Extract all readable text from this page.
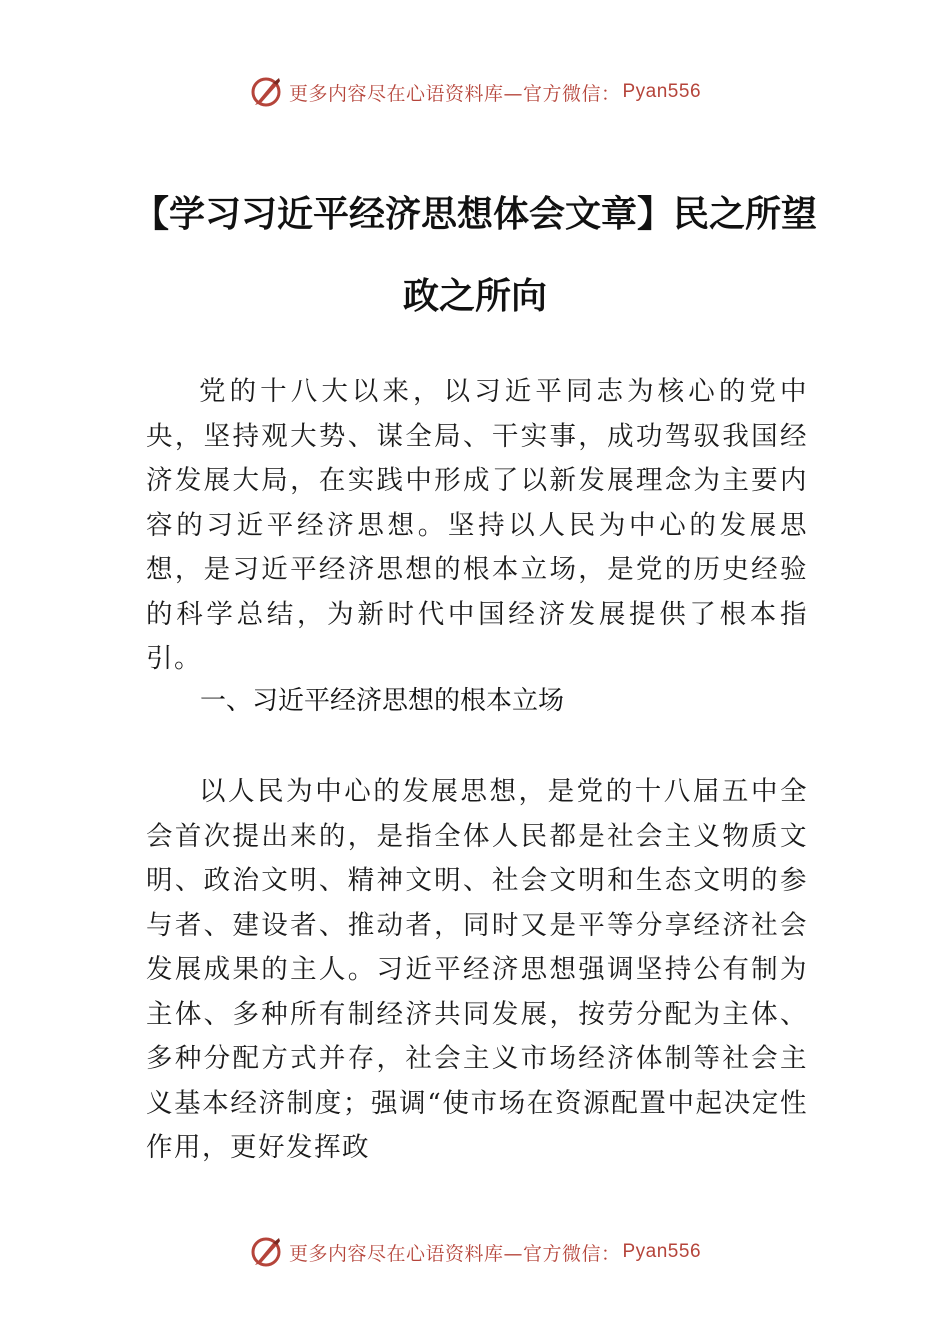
更多内容尽在心语资料库—官方微信： Pyan556
【学习习近平经济思想体会文章】民之所望政之所向

党的十八大以来，以习近平同志为核心的党中央，坚持观大势、谋全局、干实事，成功驾驭我国经济发展大局，在实践中形成了以新发展理念为主要内容的习近平经济思想。坚持以人民为中心的发展思想，是习近平经济思想的根本立场，是党的历史经验的科学总结，为新时代中国经济发展提供了根本指引。

一、习近平经济思想的根本立场

以人民为中心的发展思想，是党的十八届五中全会首次提出来的，是指全体人民都是社会主义物质文明、政治文明、精神文明、社会文明和生态文明的参与者、建设者、推动者，同时又是平等分享经济社会发展成果的主人。习近平经济思想强调坚持公有制为主体、多种所有制经济共同发展，按劳分配为主体、多种分配方式并存，社会主义市场经济体制等社会主义基本经济制度；强调“使市场在资源配置中起决定性作用，更好发挥政

更多内容尽在心语资料库—官方微信： Pyan556
